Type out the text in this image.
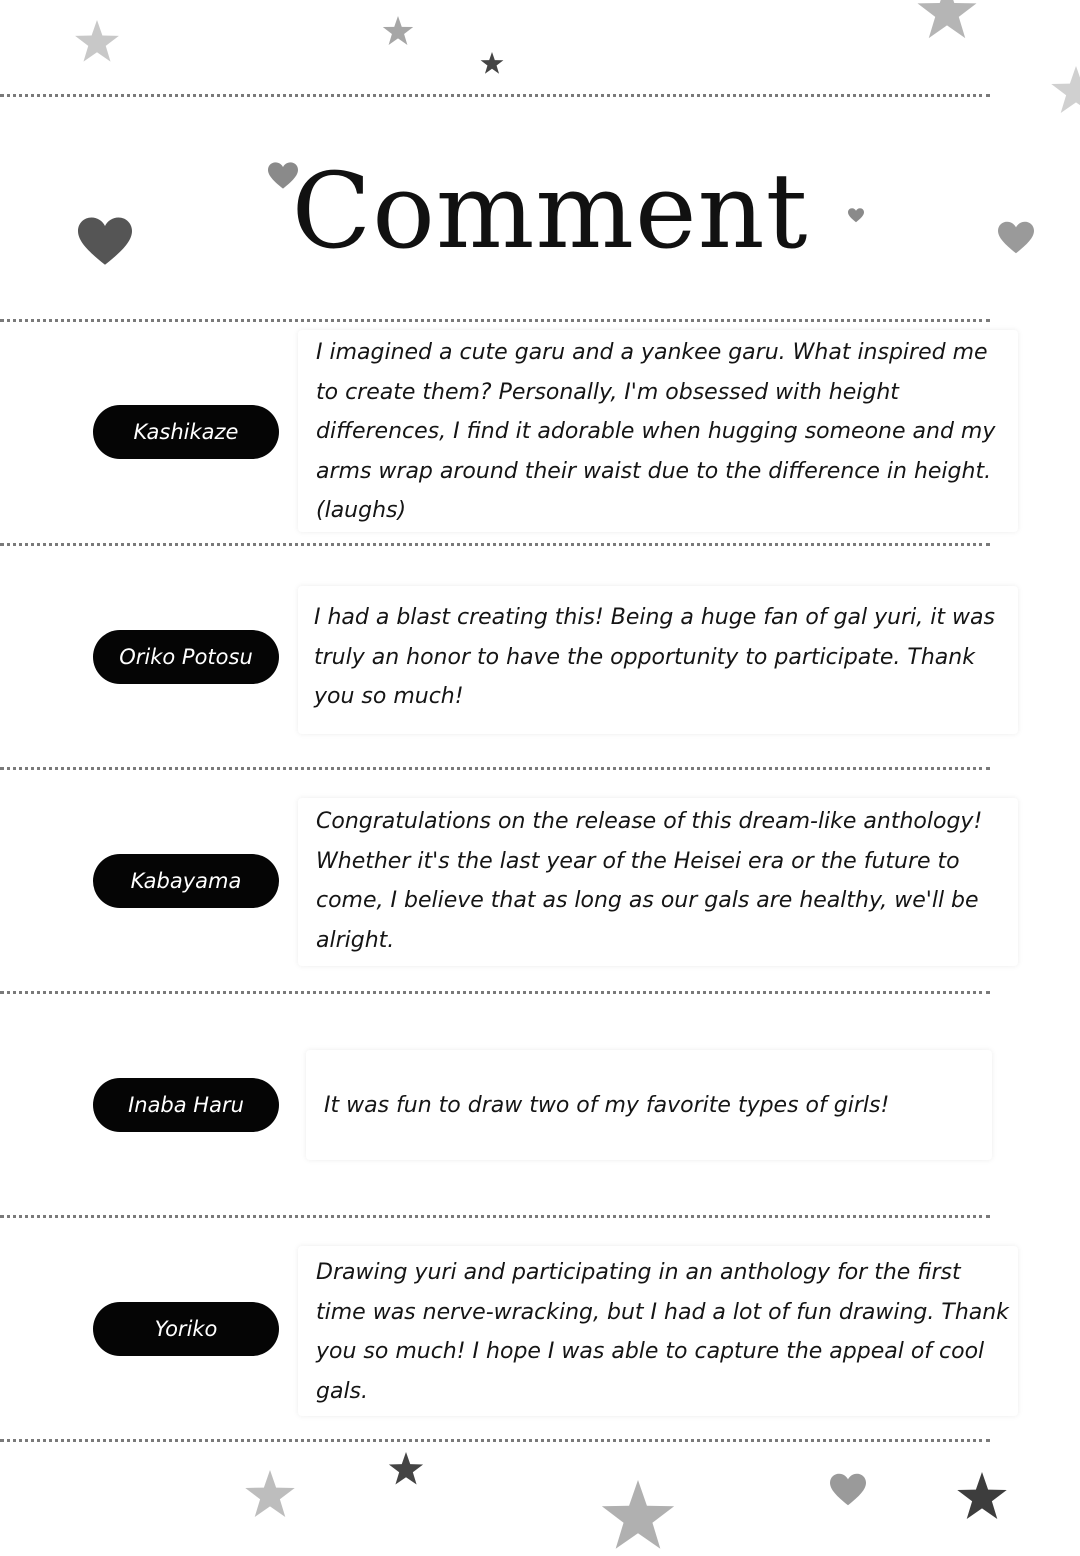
Comment
Kashikaze

I imagined a cute garu and a yankee garu. What inspired me to create them? Personally, I'm obsessed with height differences, I find it adorable when hugging someone and my arms wrap around their waist due to the difference in height. (laughs)

Oriko Potosu

I had a blast creating this! Being a huge fan of gal yuri, it was truly an honor to have the opportunity to participate. Thank you so much!

Kabayama

Congratulations on the release of this dream-like anthology! Whether it's the last year of the Heisei era or the future to come, I believe that as long as our gals are healthy, we'll be alright.

Inaba Haru	It was fun to draw two of my favorite types of girls!

Yoriko

Drawing yuri and participating in an anthology for the first time was nerve-wracking, but I had a lot of fun drawing. Thank you so much! I hope I was able to capture the appeal of cool gals.
